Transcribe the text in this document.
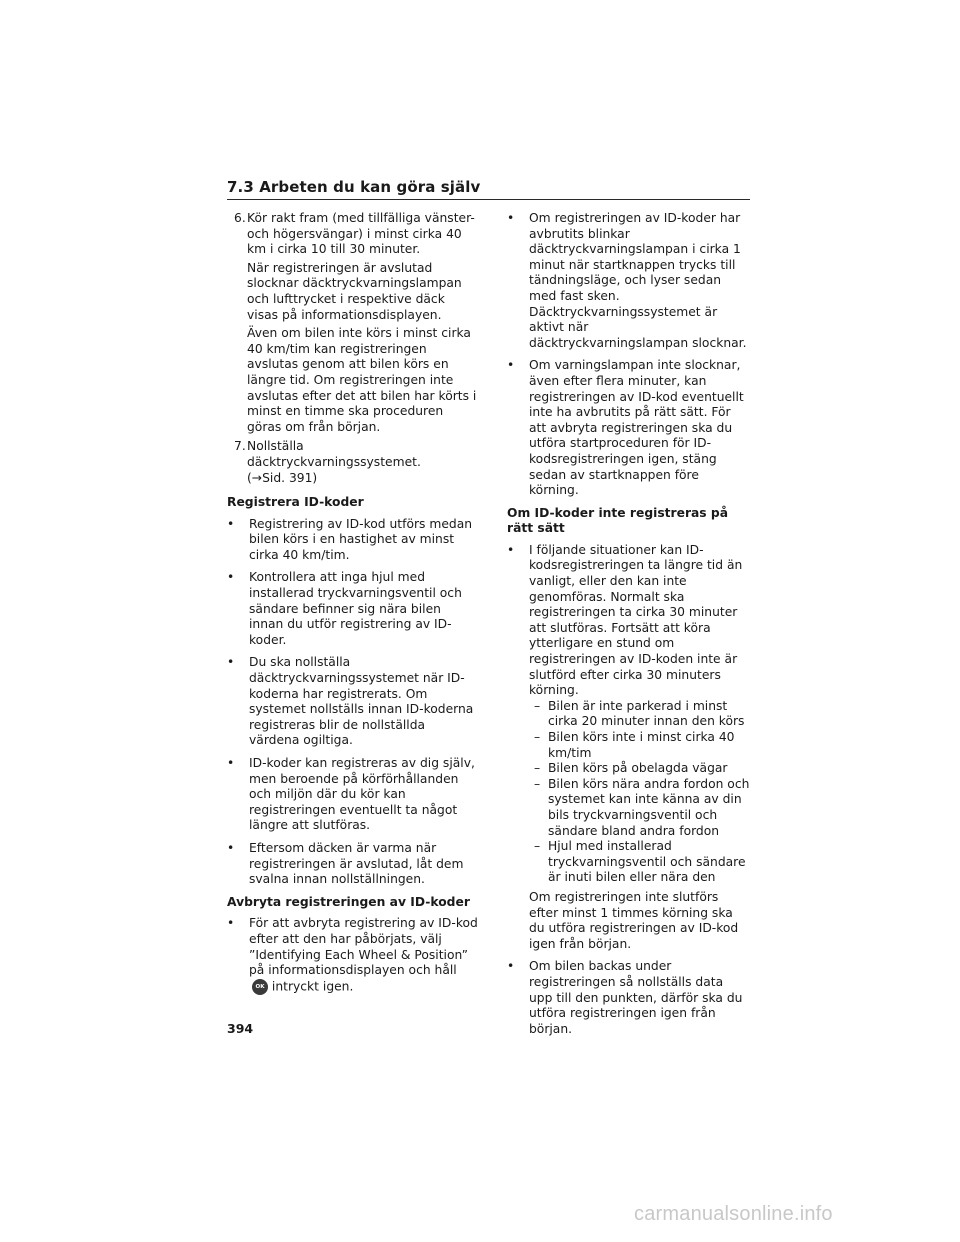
7.3 Arbeten du kan göra själv
6. Kör rakt fram (med tillfälliga vänster- och högersvängar) i minst cirka 40 km i cirka 10 till 30 minuter.

När registreringen är avslutad slocknar däcktryckvarningslampan och lufttrycket i respektive däck visas på informationsdisplayen.

Även om bilen inte körs i minst cirka 40 km/tim kan registreringen avslutas genom att bilen körs en längre tid. Om registreringen inte avslutas efter det att bilen har körts i minst en timme ska proceduren göras om från början.

7. Nollställa däcktryckvarningssystemet.
(→Sid. 391)

Registrera ID-koder

•	Registrering av ID-kod utförs medan bilen körs i en hastighet av minst cirka 40 km/tim.
•	Kontrollera att inga hjul med installerad tryckvarningsventil och sändare befinner sig nära bilen innan du utför registrering av ID-koder.
•	Du ska nollställa däcktryckvarningssystemet när ID-koderna har registrerats. Om systemet nollställs innan ID-koderna registreras blir de nollställda värdena ogiltiga.
•	ID-koder kan registreras av dig själv, men beroende på körförhållanden och miljön där du kör kan registreringen eventuellt ta något längre att slutföras.
•	Eftersom däcken är varma när registreringen är avslutad, låt dem svalna innan nollställningen.

Avbryta registreringen av ID-koder

•	För att avbryta registrering av ID-kod efter att den har påbörjats, välj ”Identifying Each Wheel & Position” på informationsdisplayen och håll OK intryckt igen.
•	Om registreringen av ID-koder har avbrutits blinkar däcktryckvarningslampan i cirka 1 minut när startknappen trycks till tändningsläge, och lyser sedan med fast sken. Däcktryckvarningssystemet är aktivt när däcktryckvarningslampan slocknar.
•	Om varningslampan inte slocknar, även efter flera minuter, kan registreringen av ID-kod eventuellt inte ha avbrutits på rätt sätt. För att avbryta registreringen ska du utföra startproceduren för ID-kodsregistreringen igen, stäng sedan av startknappen före körning.

Om ID-koder inte registreras på rätt sätt

•	I följande situationer kan ID-kodsregistreringen ta längre tid än vanligt, eller den kan inte genomföras. Normalt ska registreringen ta cirka 30 minuter att slutföras. Fortsätt att köra ytterligare en stund om registreringen av ID-koden inte är slutförd efter cirka 30 minuters körning.

– Bilen är inte parkerad i minst cirka 20 minuter innan den körs

– Bilen körs inte i minst cirka 40 km/tim

– Bilen körs på obelagda vägar

– Bilen körs nära andra fordon och systemet kan inte känna av din bils tryckvarningsventil och sändare bland andra fordon

– Hjul med installerad tryckvarningsventil och sändare är inuti bilen eller nära den

Om registreringen inte slutförs efter minst 1 timmes körning ska du utföra registreringen av ID-kod igen från början.

•	Om bilen backas under registreringen så nollställs data upp till den punkten, därför ska du utföra registreringen igen från början.
394
carmanualsonline.info
